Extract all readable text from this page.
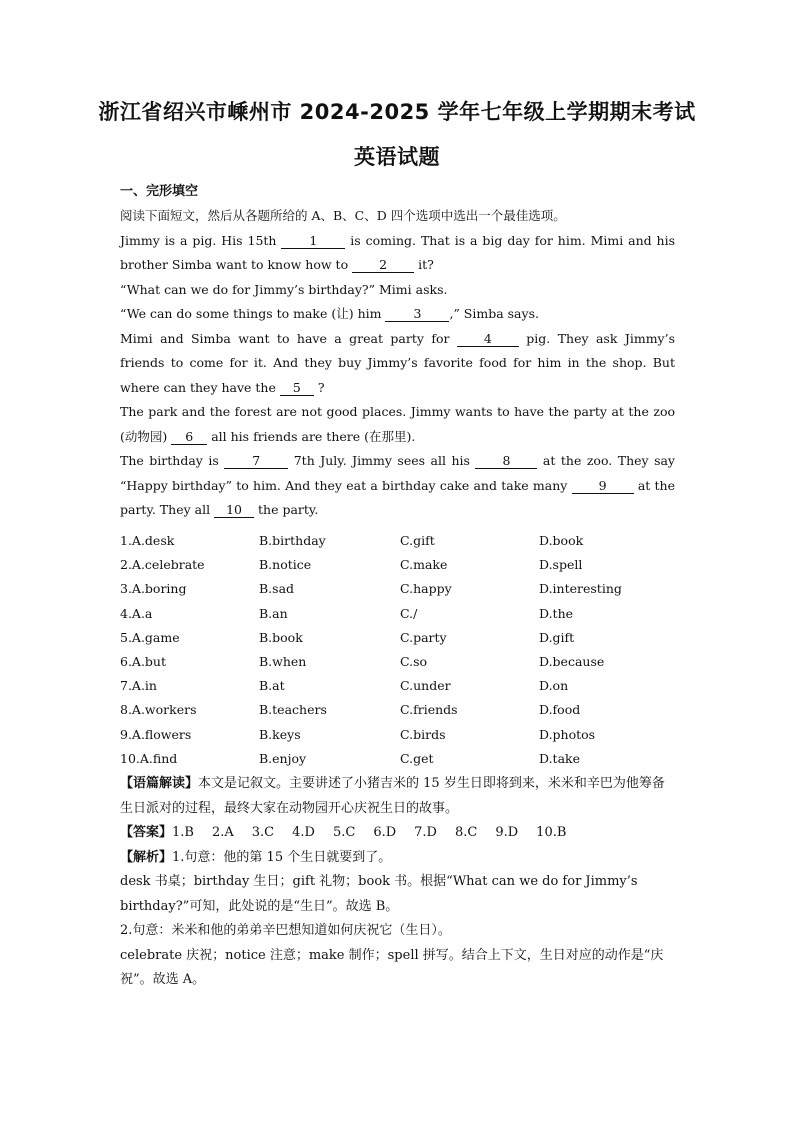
浙江省绍兴市嵊州市 2024-2025 学年七年级上学期期末考试
英语试题
一、完形填空

阅读下面短文，然后从各题所给的 A、B、C、D 四个选项中选出一个最佳选项。

Jimmy is a pig. His 15th 1 is coming. That is a big day for him. Mimi and his brother Simba want to know how to 2 it?

“What can we do for Jimmy’s birthday?” Mimi asks.

“We can do some things to make (让) him 3 ,” Simba says.

Mimi and Simba want to have a great party for 4 pig. They ask Jimmy’s friends to come for it. And they buy Jimmy’s favorite food for him in the shop. But where can they have the 5 ?

The park and the forest are not good places. Jimmy wants to have the party at the zoo (动物园) 6 all his friends are there (在那里).

The birthday is 7 7th July. Jimmy sees all his 8 at the zoo. They say “Happy birthday” to him. And they eat a birthday cake and take many 9 at the party. They all 10 the party.

1.A.desk	B.birthday	C.gift	D.book
2.A.celebrate	B.notice	C.make	D.spell
3.A.boring	B.sad	C.happy	D.interesting
4.A.a	B.an	C./	D.the
5.A.game	B.book	C.party	D.gift
6.A.but	B.when	C.so	D.because
7.A.in	B.at	C.under	D.on
8.A.workers	B.teachers	C.friends	D.food
9.A.flowers	B.keys	C.birds	D.photos
10.A.find	B.enjoy	C.get	D.take

【语篇解读】本文是记叙文。主要讲述了小猪吉米的 15 岁生日即将到来，米米和辛巴为他筹备生日派对的过程，最终大家在动物园开心庆祝生日的故事。

【答案】1.B 2.A 3.C 4.D 5.C 6.D 7.D 8.C 9.D 10.B

【解析】1.句意：他的第 15 个生日就要到了。

desk 书桌；birthday 生日；gift 礼物；book 书。根据“What can we do for Jimmy’s birthday?”可知，此处说的是“生日”。故选 B。

2.句意：米米和他的弟弟辛巴想知道如何庆祝它（生日）。

celebrate 庆祝；notice 注意；make 制作；spell 拼写。结合上下文，生日对应的动作是“庆祝”。故选 A。
